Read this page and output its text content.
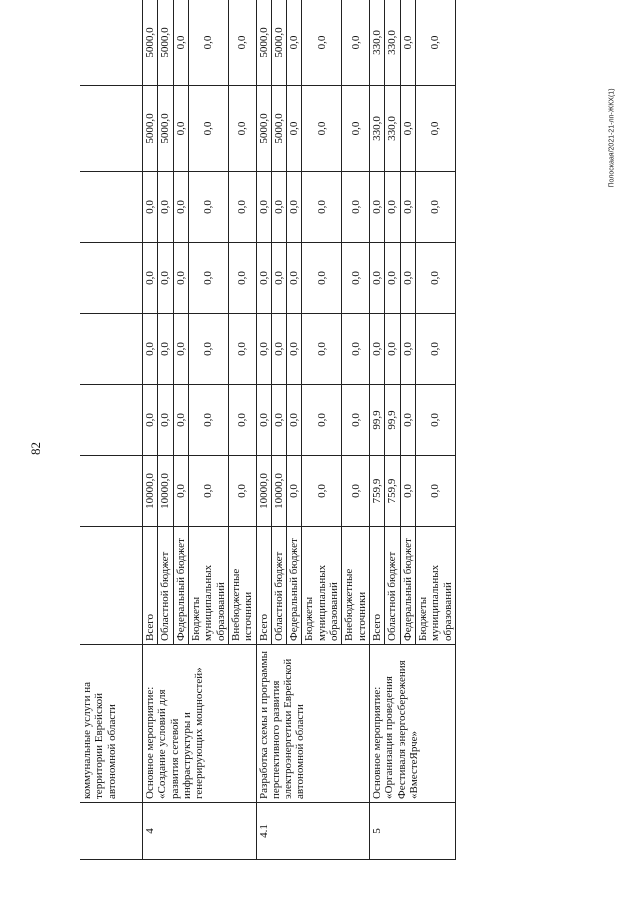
82
Полоскаая/2021-21-лп-ЖКХ(1)
	коммунальные услуги на территории Еврейской автономной области								
4	Основное мероприятие: «Создание условий для развития сетевой инфраструктуры и генерирующих мощностей»	Всего	10000,0	0,0	0,0	0,0	0,0	5000,0	5000,0
		Областной бюджет	10000,0	0,0	0,0	0,0	0,0	5000,0	5000,0
		Федеральный бюджет	0,0	0,0	0,0	0,0	0,0	0,0	0,0
		Бюджеты муниципальных образований	0,0	0,0	0,0	0,0	0,0	0,0	0,0
		Внебюджетные источники	0,0	0,0	0,0	0,0	0,0	0,0	0,0
4.1	Разработка схемы и программы перспективного развития электроэнергетики Еврейской автономной области	Всего	10000,0	0,0	0,0	0,0	0,0	5000,0	5000,0
		Областной бюджет	10000,0	0,0	0,0	0,0	0,0	5000,0	5000,0
		Федеральный бюджет	0,0	0,0	0,0	0,0	0,0	0,0	0,0
		Бюджеты муниципальных образований	0,0	0,0	0,0	0,0	0,0	0,0	0,0
		Внебюджетные источники	0,0	0,0	0,0	0,0	0,0	0,0	0,0
5	Основное мероприятие: «Организация проведения Фестиваля энергосбережения «ВместеЯрче»	Всего	759,9	99,9	0,0	0,0	0,0	330,0	330,0
		Областной бюджет	759,9	99,9	0,0	0,0	0,0	330,0	330,0
		Федеральный бюджет	0,0	0,0	0,0	0,0	0,0	0,0	0,0
		Бюджеты муниципальных образований	0,0	0,0	0,0	0,0	0,0	0,0	0,0
